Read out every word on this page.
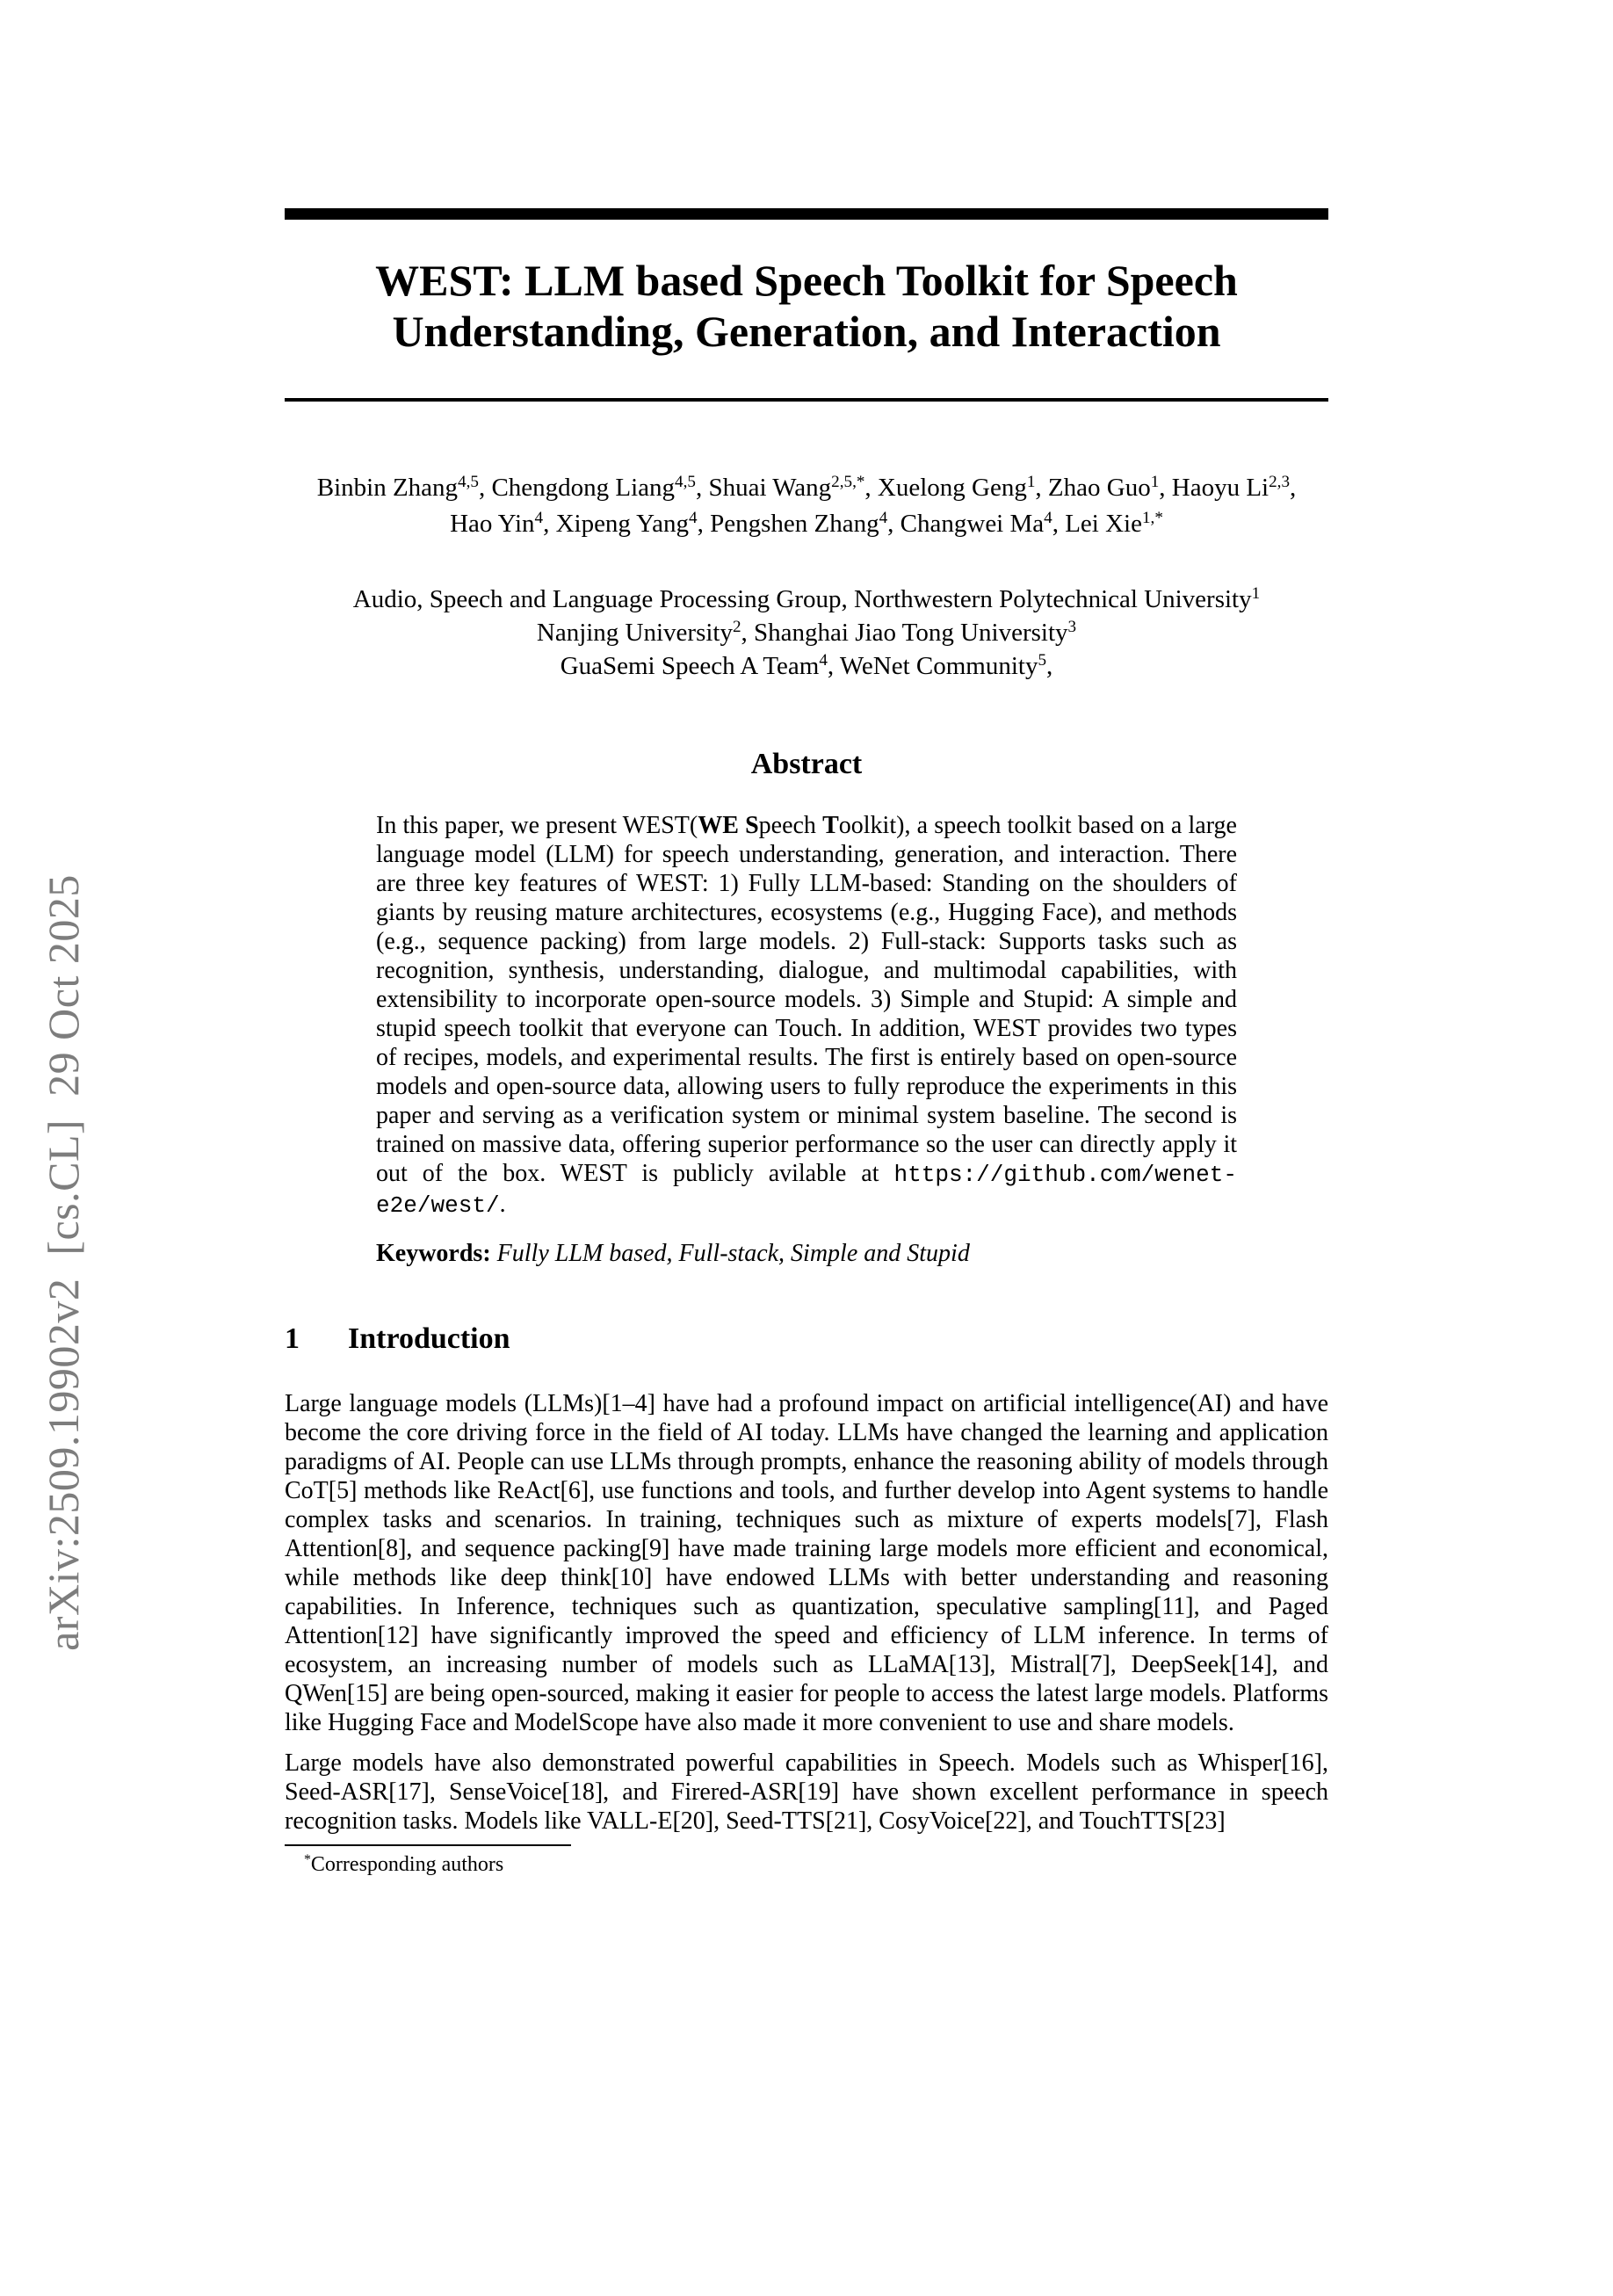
arXiv:2509.19902v2  [cs.CL]  29 Oct 2025
WEST: LLM based Speech Toolkit for Speech
Understanding, Generation, and Interaction
Binbin Zhang$^{4,5}$, Chengdong Liang$^{4,5}$, Shuai Wang$^{2,5,*}$, Xuelong Geng$^1$, Zhao Guo$^1$, Haoyu Li$^{2,3}$,
Hao Yin$^4$, Xipeng Yang$^4$, Pengshen Zhang$^4$, Changwei Ma$^4$, Lei Xie$^{1,*}$
Audio, Speech and Language Processing Group, Northwestern Polytechnical University$^1$
Nanjing University$^2$, Shanghai Jiao Tong University$^3$
GuaSemi Speech A Team$^4$, WeNet Community$^5$,
Abstract
In this paper, we present WEST(WE Speech Toolkit), a speech toolkit based on a large language model (LLM) for speech understanding, generation, and interaction. There are three key features of WEST: 1) Fully LLM-based: Standing on the shoulders of giants by reusing mature architectures, ecosystems (e.g., Hugging Face), and methods (e.g., sequence packing) from large models. 2) Full-stack: Supports tasks such as recognition, synthesis, understanding, dialogue, and multimodal capabilities, with extensibility to incorporate open-source models. 3) Simple and Stupid: A simple and stupid speech toolkit that everyone can Touch. In addition, WEST provides two types of recipes, models, and experimental results. The first is entirely based on open-source models and open-source data, allowing users to fully reproduce the experiments in this paper and serving as a verification system or minimal system baseline. The second is trained on massive data, offering superior performance so the user can directly apply it out of the box. WEST is publicly avilable at https://github.com/wenet-e2e/west/.
Keywords: Fully LLM based, Full-stack, Simple and Stupid
1 Introduction

Large language models (LLMs)[1–4] have had a profound impact on artificial intelligence(AI) and have become the core driving force in the field of AI today. LLMs have changed the learning and application paradigms of AI. People can use LLMs through prompts, enhance the reasoning ability of models through CoT[5] methods like ReAct[6], use functions and tools, and further develop into Agent systems to handle complex tasks and scenarios. In training, techniques such as mixture of experts models[7], Flash Attention[8], and sequence packing[9] have made training large models more efficient and economical, while methods like deep think[10] have endowed LLMs with better understanding and reasoning capabilities. In Inference, techniques such as quantization, speculative sampling[11], and Paged Attention[12] have significantly improved the speed and efficiency of LLM inference. In terms of ecosystem, an increasing number of models such as LLaMA[13], Mistral[7], DeepSeek[14], and QWen[15] are being open-sourced, making it easier for people to access the latest large models. Platforms like Hugging Face and ModelScope have also made it more convenient to use and share models.

Large models have also demonstrated powerful capabilities in Speech. Models such as Whisper[16], Seed-ASR[17], SenseVoice[18], and Firered-ASR[19] have shown excellent performance in speech recognition tasks. Models like VALL-E[20], Seed-TTS[21], CosyVoice[22], and TouchTTS[23]

*Corresponding authors
